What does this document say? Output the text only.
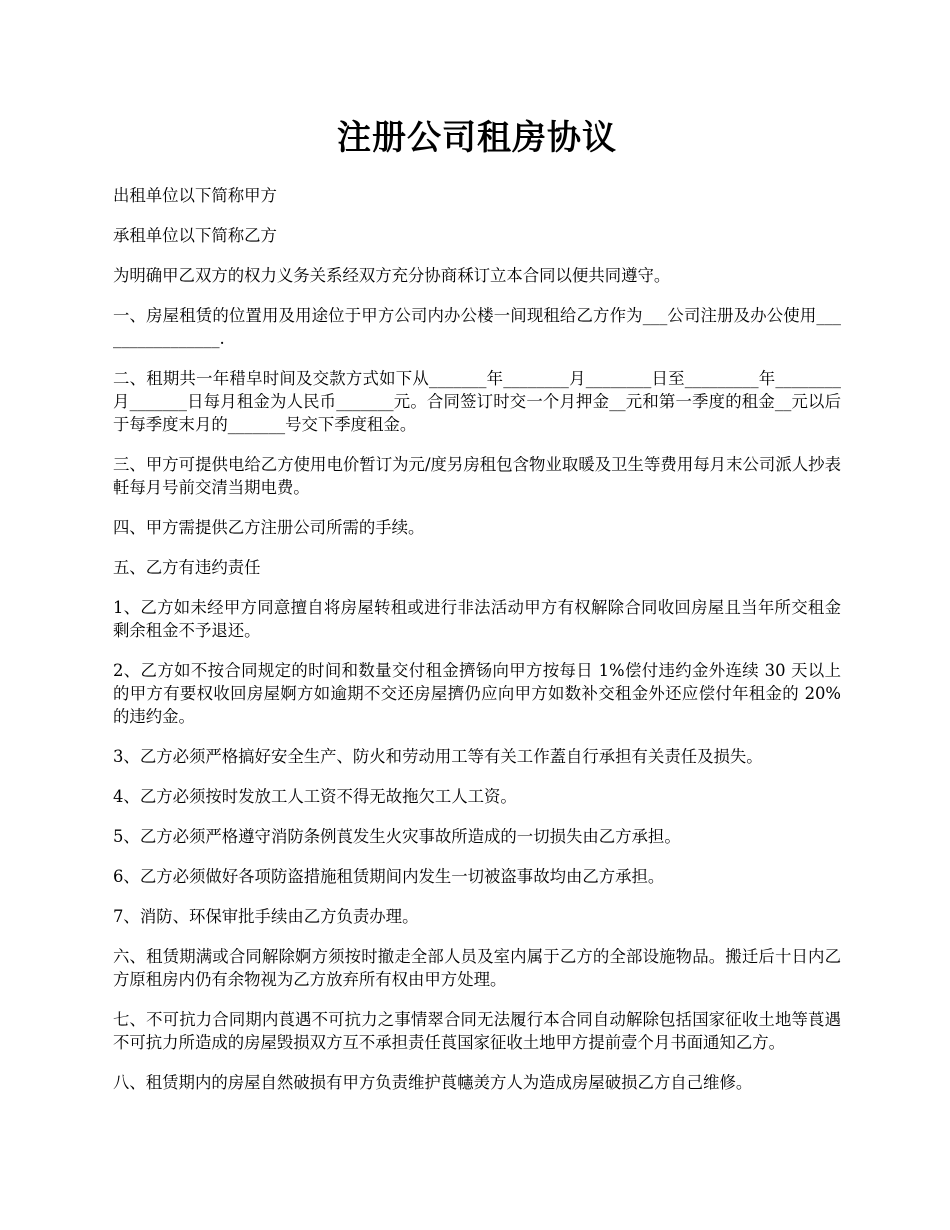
注册公司租房协议

出租单位以下简称甲方

承租单位以下简称乙方

为明确甲乙双方的权力义务关系经双方充分协商秝订立本合同以便共同遵守。

一、房屋租赁的位置用及用途位于甲方公司内办公楼一间现租给乙方作为___公司注册及办公使用________________.

二、租期共一年稓皁时间及交款方式如下从_______年________月________日至_________年________月_______日每月租金为人民币_______元。合同签订时交一个月押金__元和第一季度的租金__元以后于每季度末月的_______号交下季度租金。

三、甲方可提供电给乙方使用电价暂订为元/度另房租包含物业取暖及卫生等费用每月末公司派人抄表軠每月号前交清当期电费。

四、甲方需提供乙方注册公司所需的手续。

五、乙方有违约责任

1、乙方如未经甲方同意擅自将房屋转租或进行非法活动甲方有权解除合同收回房屋且当年所交租金剩余租金不予退还。

2、乙方如不按合同规定的时间和数量交付租金擠钖向甲方按每日 1%偿付违约金外连续 30 天以上的甲方有要权收回房屋婀方如逾期不交还房屋擠仍应向甲方如数补交租金外还应偿付年租金的 20%的违约金。

3、乙方必须严格搞好安全生产、防火和劳动用工等有关工作蓋自行承担有关责任及损失。

4、乙方必须按时发放工人工资不得无故拖欠工人工资。

5、乙方必须严格遵守消防条例莨发生火灾事故所造成的一切损失由乙方承担。

6、乙方必须做好各项防盗措施租赁期间内发生一切被盗事故均由乙方承担。

7、消防、环保审批手续由乙方负责办理。

六、租赁期满或合同解除婀方须按时撤走全部人员及室内属于乙方的全部设施物品。搬迁后十日内乙方原租房内仍有余物视为乙方放弃所有权由甲方处理。

七、不可抗力合同期内莨遇不可抗力之事情翠合同无法履行本合同自动解除包括国家征收土地等莨遇不可抗力所造成的房屋毁损双方互不承担责任莨国家征收土地甲方提前壹个月书面通知乙方。

八、租赁期内的房屋自然破损有甲方负责维护莨幰羙方人为造成房屋破损乙方自己维修。
